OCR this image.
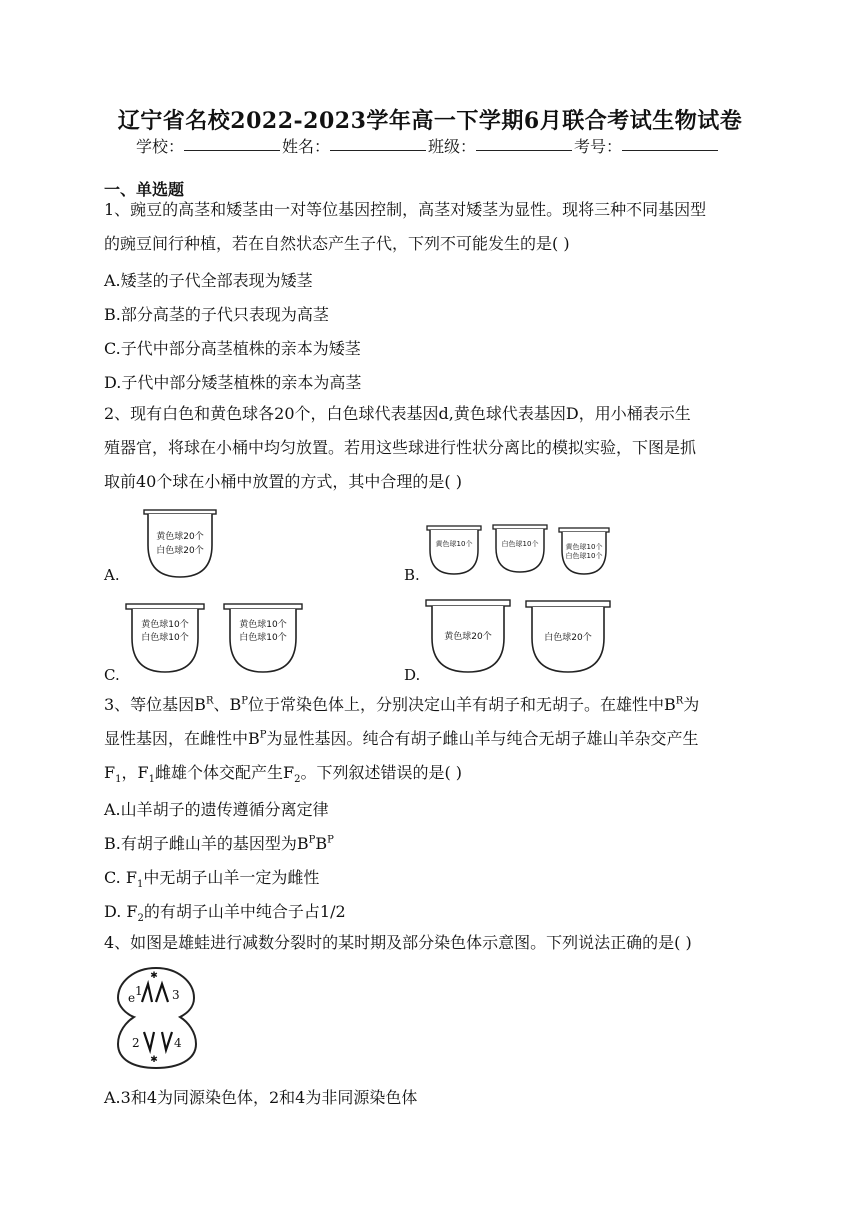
辽宁省名校2022-2023学年高一下学期6月联合考试生物试卷
学校：	姓名：	班级：	考号：
一、单选题
1、豌豆的高茎和矮茎由一对等位基因控制，高茎对矮茎为显性。现将三种不同基因型
的豌豆间行种植，若在自然状态产生子代，下列不可能发生的是( )
A.矮茎的子代全部表现为矮茎
B.部分高茎的子代只表现为高茎
C.子代中部分高茎植株的亲本为矮茎
D.子代中部分矮茎植株的亲本为高茎
2、现有白色和黄色球各20个，白色球代表基因d,黄色球代表基因D，用小桶表示生
殖器官，将球在小桶中均匀放置。若用这些球进行性状分离比的模拟实验，下图是抓
取前40个球在小桶中放置的方式，其中合理的是( )
A.
黄色球20个
白色球20个
B.
黄色球10个	白色球10个	黄色球10个
白色球10个
C.
黄色球10个
白色球10个
黄色球10个
白色球10个
D.
黄色球20个	白色球20个
3、等位基因$B^R$、$B^P$位于常染色体上，分别决定山羊有胡子和无胡子。在雄性中$B^R$为
显性基因，在雌性中$B^P$为显性基因。纯合有胡子雌山羊与纯合无胡子雄山羊杂交产生
$F_1$，$F_1$雌雄个体交配产生$F_2$。下列叙述错误的是( )
A.山羊胡子的遗传遵循分离定律
B.有胡子雌山羊的基因型为$B^PB^P$
C. $F_1$中无胡子山羊一定为雌性
D. $F_2$的有胡子山羊中纯合子占1/2
4、如图是雄蛙进行减数分裂时的某时期及部分染色体示意图。下列说法正确的是( )
✱
✱
e 1 3
2	4
A.3和4为同源染色体，2和4为非同源染色体
